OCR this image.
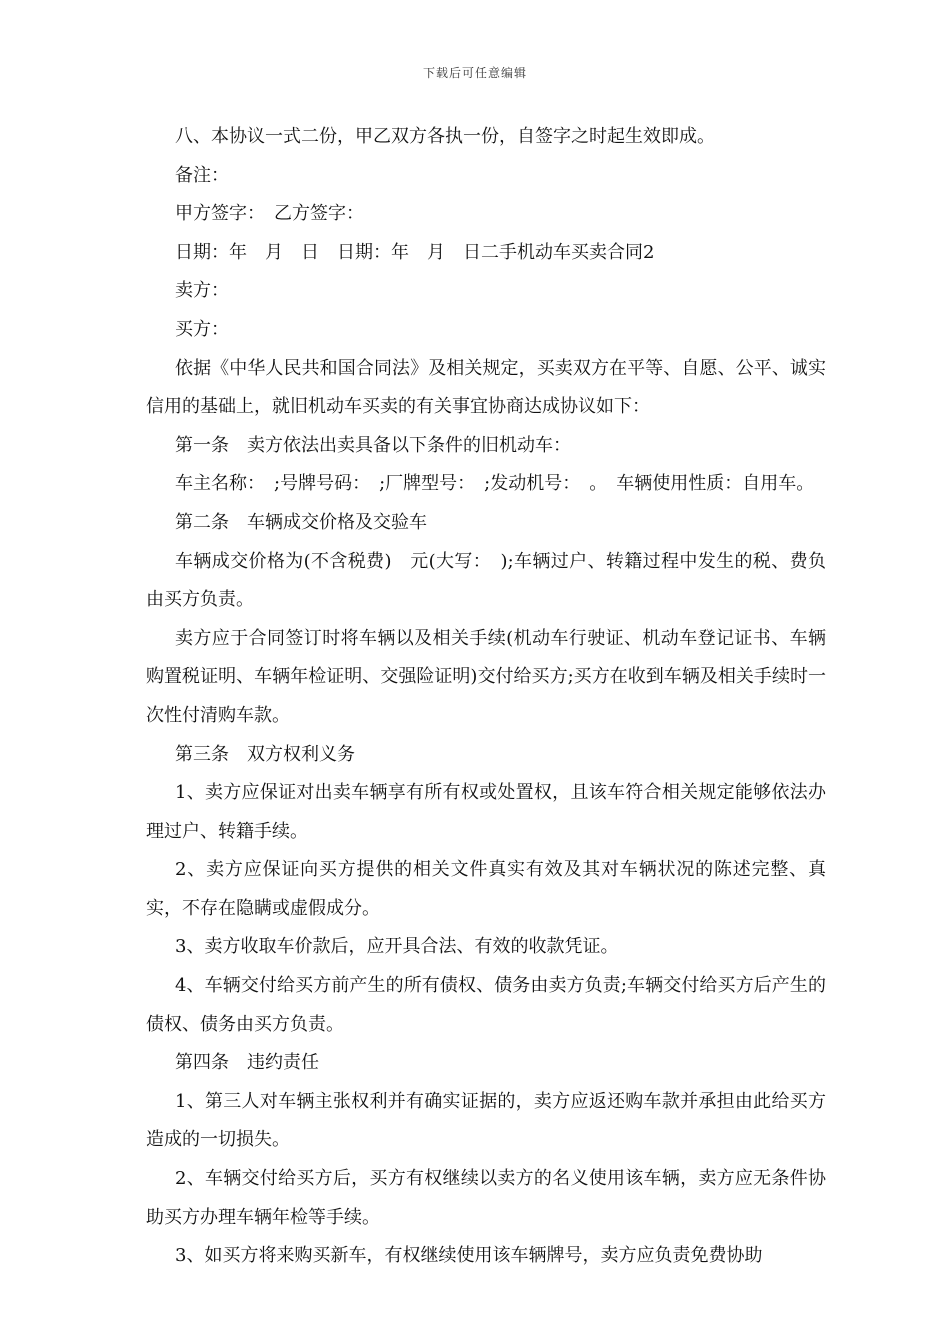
下载后可任意编辑

八、本协议一式二份，甲乙双方各执一份，自签字之时起生效即成。

备注：

甲方签字：　乙方签字：

日期：年　月　日　日期：年　月　日二手机动车买卖合同2

卖方：

买方：

依据《中华人民共和国合同法》及相关规定，买卖双方在平等、自愿、公平、诚实信用的基础上，就旧机动车买卖的有关事宜协商达成协议如下：

第一条　卖方依法出卖具备以下条件的旧机动车：

车主名称：　;号牌号码：　;厂牌型号：　;发动机号：　。　车辆使用性质：自用车。

第二条　车辆成交价格及交验车

车辆成交价格为(不含税费)　元(大写：　);车辆过户、转籍过程中发生的税、费负由买方负责。

卖方应于合同签订时将车辆以及相关手续(机动车行驶证、机动车登记证书、车辆购置税证明、车辆年检证明、交强险证明)交付给买方;买方在收到车辆及相关手续时一次性付清购车款。

第三条　双方权利义务

1、卖方应保证对出卖车辆享有所有权或处置权，且该车符合相关规定能够依法办理过户、转籍手续。

2、卖方应保证向买方提供的相关文件真实有效及其对车辆状况的陈述完整、真实，不存在隐瞒或虚假成分。

3、卖方收取车价款后，应开具合法、有效的收款凭证。

4、车辆交付给买方前产生的所有债权、债务由卖方负责;车辆交付给买方后产生的债权、债务由买方负责。

第四条　违约责任

1、第三人对车辆主张权利并有确实证据的，卖方应返还购车款并承担由此给买方造成的一切损失。

2、车辆交付给买方后，买方有权继续以卖方的名义使用该车辆，卖方应无条件协助买方办理车辆年检等手续。

3、如买方将来购买新车，有权继续使用该车辆牌号，卖方应负责免费协助
